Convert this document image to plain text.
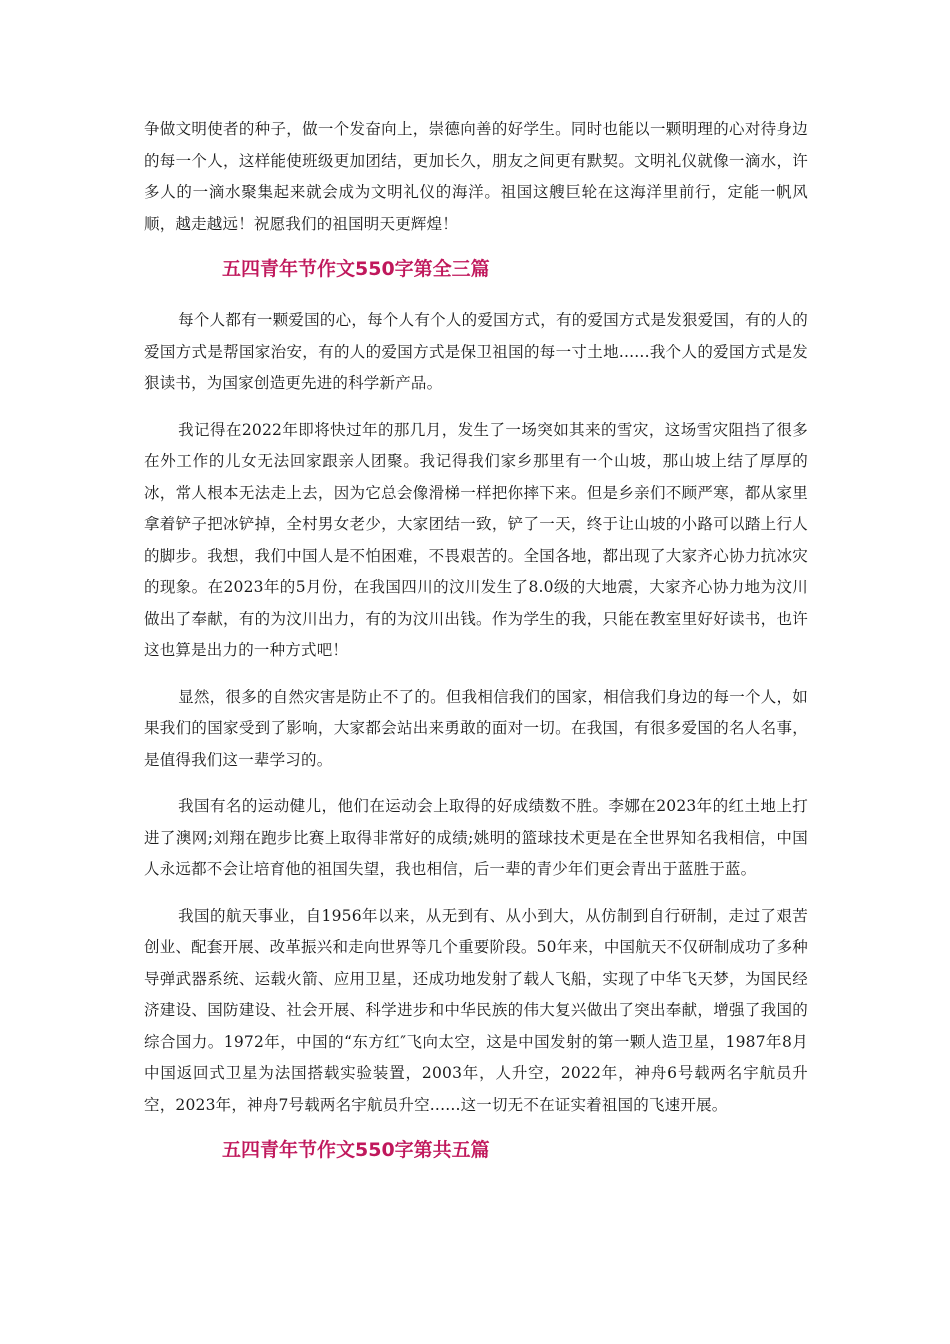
争做文明使者的种子，做一个发奋向上，崇德向善的好学生。同时也能以一颗明理的心对待身边的每一个人，这样能使班级更加团结，更加长久，朋友之间更有默契。文明礼仪就像一滴水，许多人的一滴水聚集起来就会成为文明礼仪的海洋。祖国这艘巨轮在这海洋里前行，定能一帆风顺，越走越远！祝愿我们的祖国明天更辉煌！

五四青年节作文550字第全三篇

每个人都有一颗爱国的心，每个人有个人的爱国方式，有的爱国方式是发狠爱国，有的人的爱国方式是帮国家治安，有的人的爱国方式是保卫祖国的每一寸土地......我个人的爱国方式是发狠读书，为国家创造更先进的科学新产品。

我记得在2022年即将快过年的那几月，发生了一场突如其来的雪灾，这场雪灾阻挡了很多在外工作的儿女无法回家跟亲人团聚。我记得我们家乡那里有一个山坡，那山坡上结了厚厚的冰，常人根本无法走上去，因为它总会像滑梯一样把你摔下来。但是乡亲们不顾严寒，都从家里拿着铲子把冰铲掉，全村男女老少，大家团结一致，铲了一天，终于让山坡的小路可以踏上行人的脚步。我想，我们中国人是不怕困难，不畏艰苦的。全国各地，都出现了大家齐心协力抗冰灾的现象。在2023年的5月份，在我国四川的汶川发生了8.0级的大地震，大家齐心协力地为汶川做出了奉献，有的为汶川出力，有的为汶川出钱。作为学生的我，只能在教室里好好读书，也许这也算是出力的一种方式吧！

显然，很多的自然灾害是防止不了的。但我相信我们的国家，相信我们身边的每一个人，如果我们的国家受到了影响，大家都会站出来勇敢的面对一切。在我国，有很多爱国的名人名事，是值得我们这一辈学习的。

我国有名的运动健儿，他们在运动会上取得的好成绩数不胜。李娜在2023年的红土地上打进了澳网;刘翔在跑步比赛上取得非常好的成绩;姚明的篮球技术更是在全世界知名我相信，中国人永远都不会让培育他的祖国失望，我也相信，后一辈的青少年们更会青出于蓝胜于蓝。

我国的航天事业，自1956年以来，从无到有、从小到大，从仿制到自行研制，走过了艰苦创业、配套开展、改革振兴和走向世界等几个重要阶段。50年来，中国航天不仅研制成功了多种导弹武器系统、运载火箭、应用卫星，还成功地发射了载人飞船，实现了中华飞天梦，为国民经济建设、国防建设、社会开展、科学进步和中华民族的伟大复兴做出了突出奉献，增强了我国的综合国力。1972年，中国的“东方红″飞向太空，这是中国发射的第一颗人造卫星，1987年8月中国返回式卫星为法国搭载实验装置，2003年，人升空，2022年，神舟6号载两名宇航员升空，2023年，神舟7号载两名宇航员升空......这一切无不在证实着祖国的飞速开展。

五四青年节作文550字第共五篇
